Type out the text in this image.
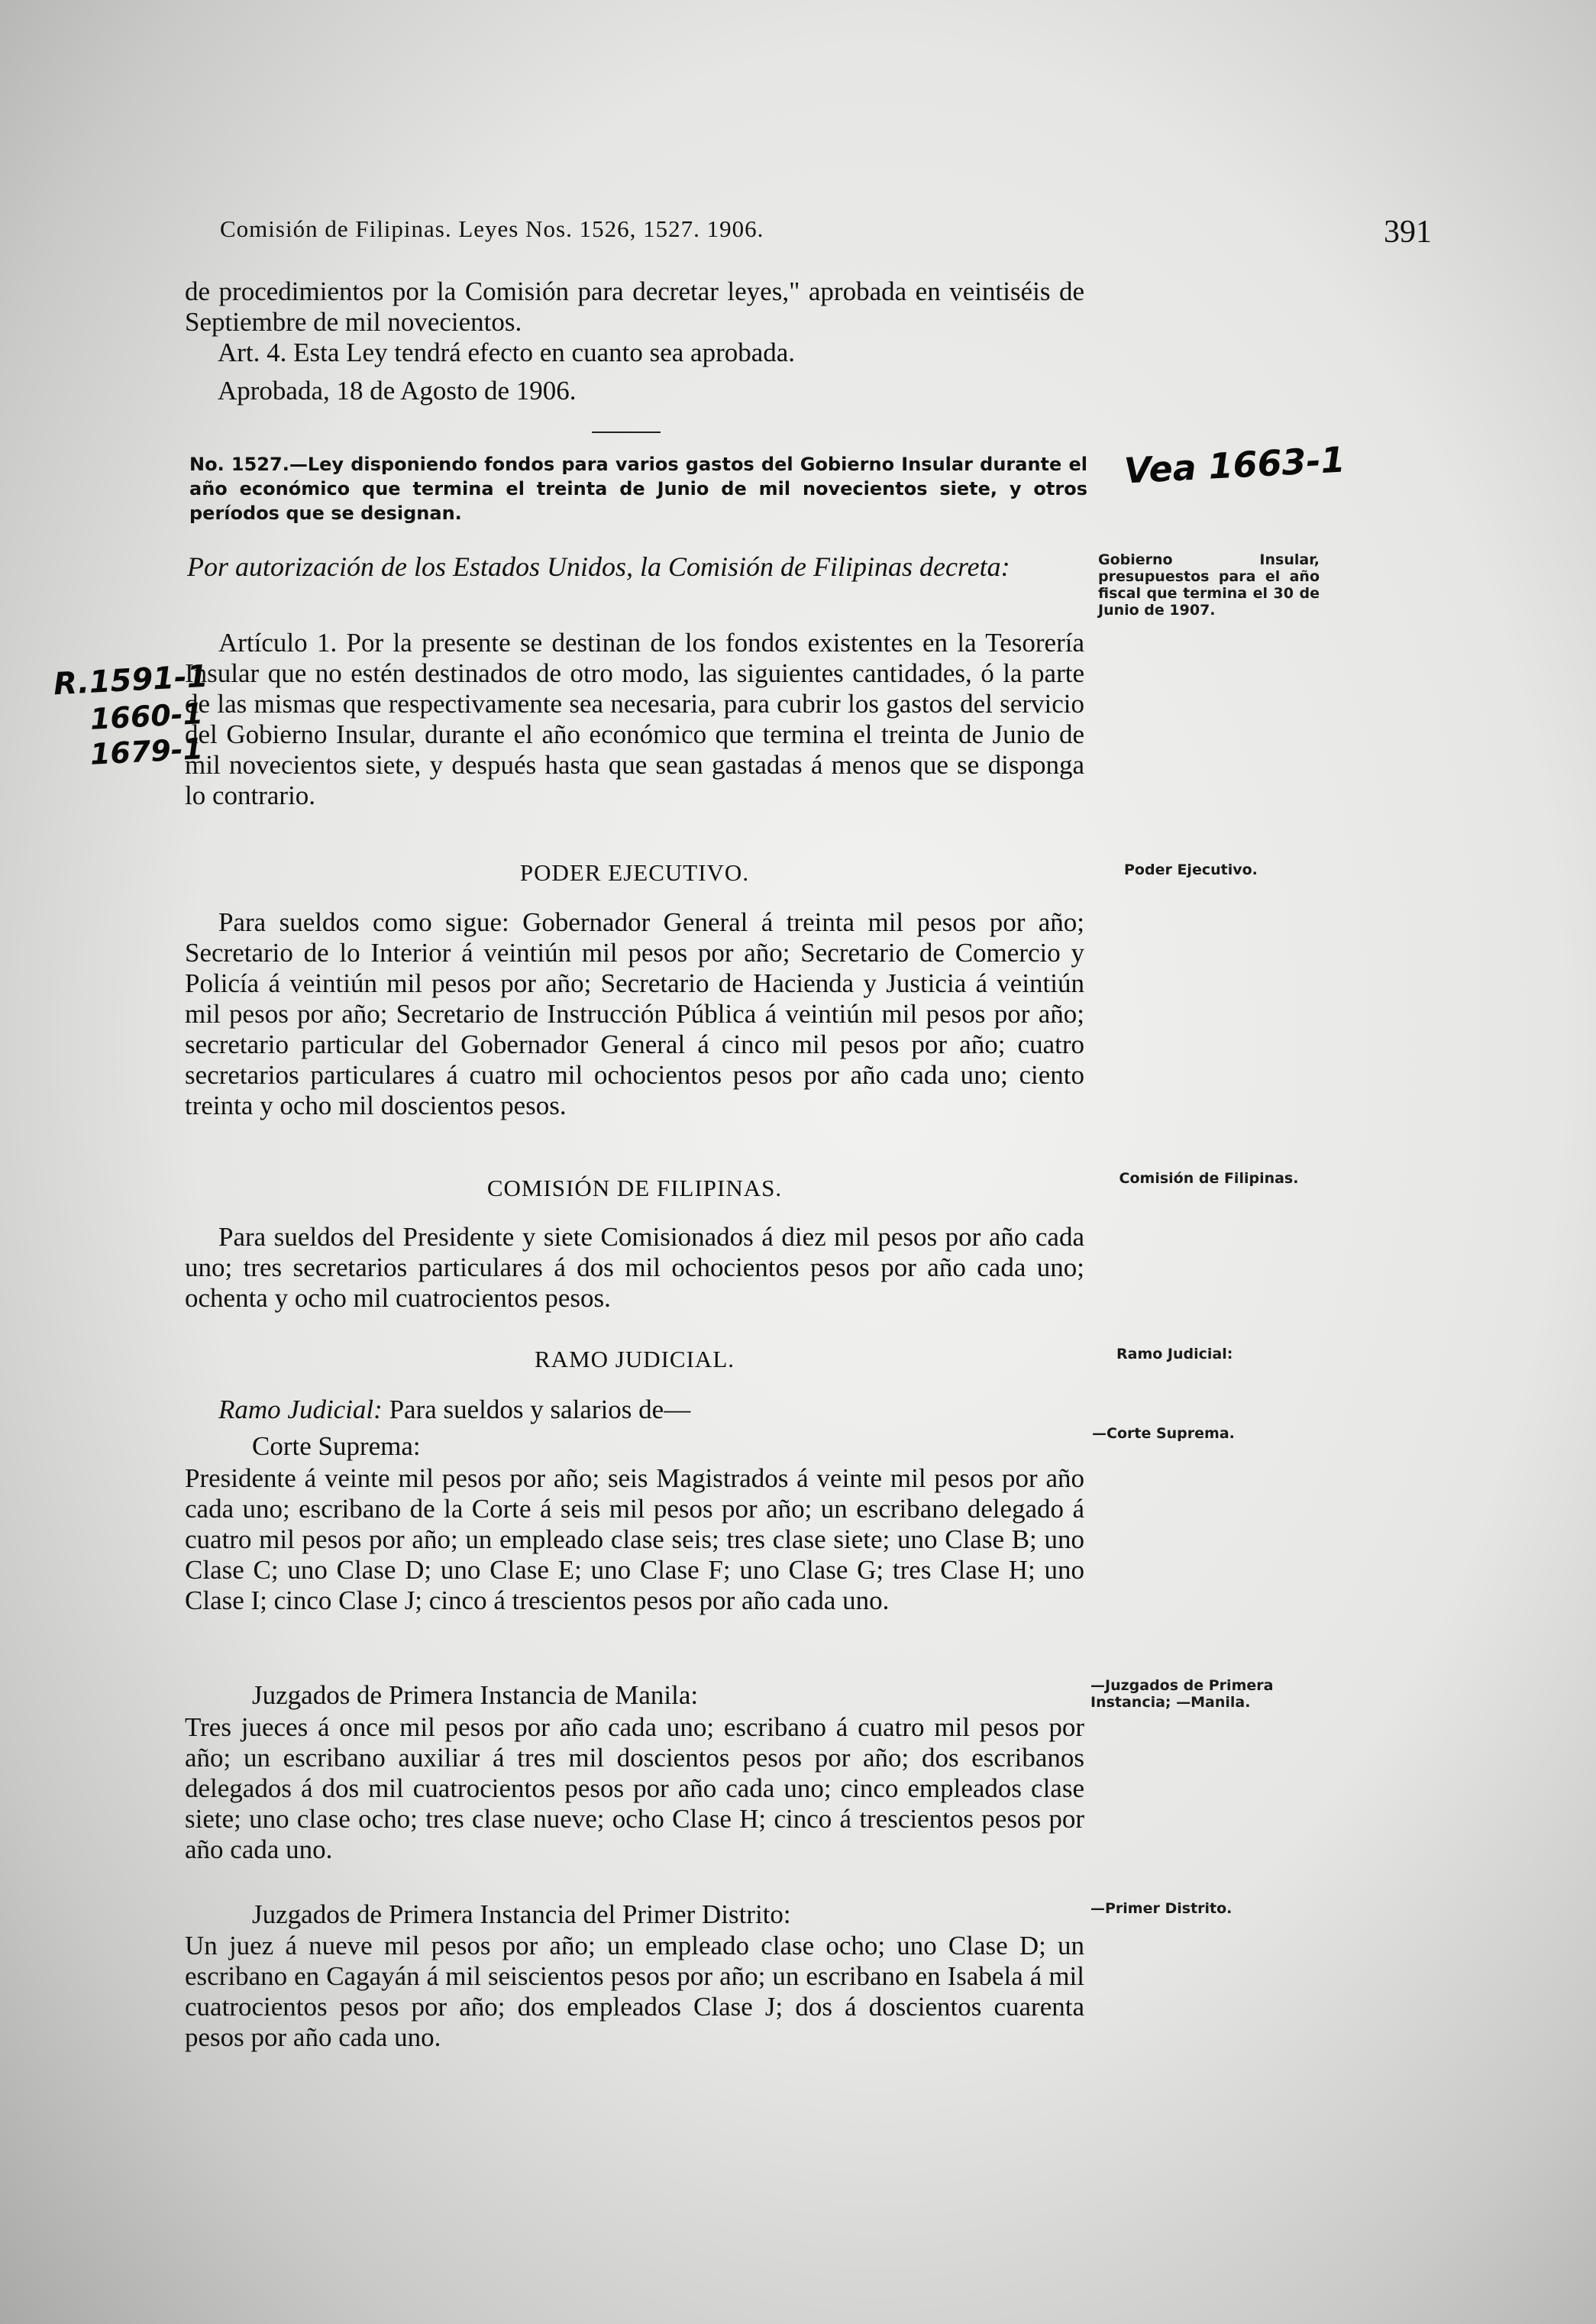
Comisión de Filipinas. Leyes Nos. 1526, 1527. 1906.	391

de procedimientos por la Comisión para decretar leyes," aprobada en veintiséis de Septiembre de mil novecientos.

Art. 4. Esta Ley tendrá efecto en cuanto sea aprobada.

Aprobada, 18 de Agosto de 1906.

No. 1527.—Ley disponiendo fondos para varios gastos del Gobierno Insular durante el año económico que termina el treinta de Junio de mil novecientos siete, y otros períodos que se designan.

Por autorización de los Estados Unidos, la Comisión de Filipinas decreta:

Artículo 1. Por la presente se destinan de los fondos existentes en la Tesorería Insular que no estén destinados de otro modo, las siguientes cantidades, ó la parte de las mismas que respectivamente sea necesaria, para cubrir los gastos del servicio del Gobierno Insular, durante el año económico que termina el treinta de Junio de mil novecientos siete, y después hasta que sean gastadas á menos que se disponga lo contrario.

PODER EJECUTIVO.

Para sueldos como sigue: Gobernador General á treinta mil pesos por año; Secretario de lo Interior á veintiún mil pesos por año; Secretario de Comercio y Policía á veintiún mil pesos por año; Secretario de Hacienda y Justicia á veintiún mil pesos por año; Secretario de Instrucción Pública á veintiún mil pesos por año; secretario particular del Gobernador General á cinco mil pesos por año; cuatro secretarios particulares á cuatro mil ochocientos pesos por año cada uno; ciento treinta y ocho mil doscientos pesos.

COMISIÓN DE FILIPINAS.

Para sueldos del Presidente y siete Comisionados á diez mil pesos por año cada uno; tres secretarios particulares á dos mil ochocientos pesos por año cada uno; ochenta y ocho mil cuatrocientos pesos.

RAMO JUDICIAL.

Ramo Judicial: Para sueldos y salarios de—

Corte Suprema:

Presidente á veinte mil pesos por año; seis Magistrados á veinte mil pesos por año cada uno; escribano de la Corte á seis mil pesos por año; un escribano delegado á cuatro mil pesos por año; un empleado clase seis; tres clase siete; uno Clase B; uno Clase C; uno Clase D; uno Clase E; uno Clase F; uno Clase G; tres Clase H; uno Clase I; cinco Clase J; cinco á trescientos pesos por año cada uno.

Juzgados de Primera Instancia de Manila:

Tres jueces á once mil pesos por año cada uno; escribano á cuatro mil pesos por año; un escribano auxiliar á tres mil doscientos pesos por año; dos escribanos delegados á dos mil cuatrocientos pesos por año cada uno; cinco empleados clase siete; uno clase ocho; tres clase nueve; ocho Clase H; cinco á trescientos pesos por año cada uno.

Juzgados de Primera Instancia del Primer Distrito:

Un juez á nueve mil pesos por año; un empleado clase ocho; uno Clase D; un escribano en Cagayán á mil seiscientos pesos por año; un escribano en Isabela á mil cuatrocientos pesos por año; dos empleados Clase J; dos á doscientos cuarenta pesos por año cada uno.

Gobierno Insular, presupuestos para el año fiscal que termina el 30 de Junio de 1907.
Poder Ejecutivo.
Comisión de Filipinas.
Ramo Judicial:
—Corte Suprema.
—Juzgados de Primera Instancia; —Manila.
—Primer Distrito.
Vea 1663-1
R.1591-1
1660-1
1679-1
